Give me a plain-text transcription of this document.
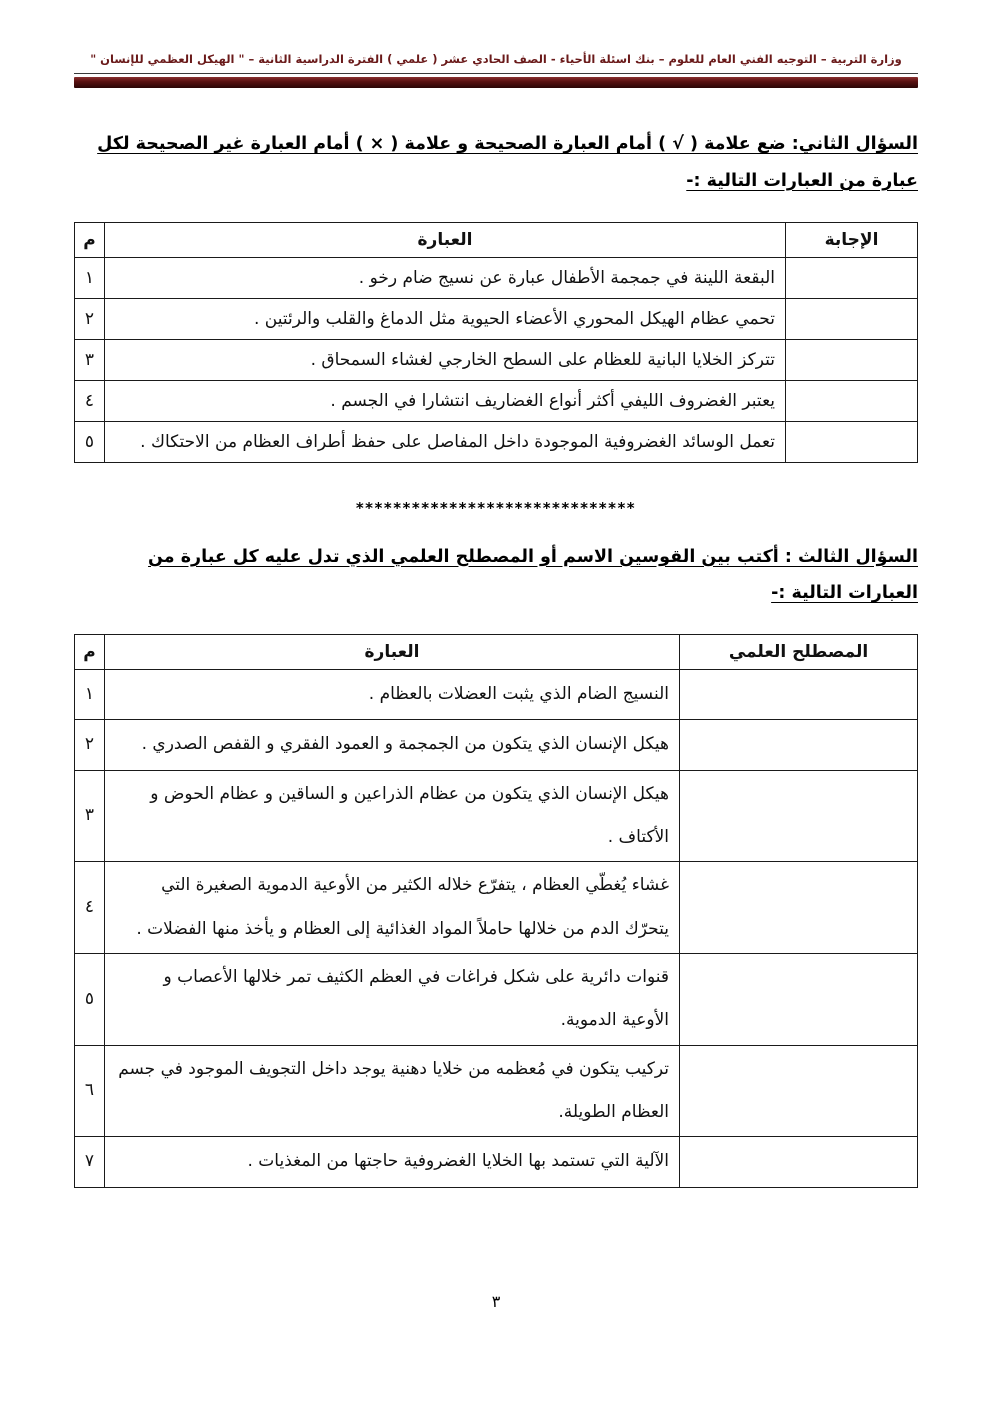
وزارة التربية – التوجيه الفني العام للعلوم – بنك اسئلة الأحياء - الصف الحادي عشر ( علمي ) الفترة الدراسية الثانية – " الهيكل العظمي للإنسان "
السؤال الثاني: ضع علامة ( √ ) أمام العبارة الصحيحة و علامة ( × ) أمام العبارة غير الصحيحة لكل عبارة من العبارات التالية :-
الإجابة	العبارة	م
	البقعة اللينة في جمجمة الأطفال عبارة عن نسيج ضام رخو .	١
	تحمي عظام الهيكل المحوري الأعضاء الحيوية مثل الدماغ والقلب والرئتين .	٢
	تتركز الخلايا البانية للعظام على السطح الخارجي لغشاء السمحاق .	٣
	يعتبر الغضروف الليفي أكثر أنواع الغضاريف انتشارا في الجسم .	٤
	تعمل الوسائد الغضروفية الموجودة داخل المفاصل على حفظ أطراف العظام من الاحتكاك .	٥
******************************
السؤال الثالث : أكتب بين القوسين الاسم أو المصطلح العلمي الذي تدل عليه كل عبارة من العبارات التالية :-
المصطلح العلمي	العبارة	م
	النسيج الضام الذي يثبت العضلات بالعظام .	١
	هيكل الإنسان الذي يتكون من الجمجمة و العمود الفقري و القفص الصدري .	٢
	هيكل الإنسان الذي يتكون من عظام الذراعين و الساقين و عظام الحوض و الأكتاف .	٣
	غشاء يُغطّي العظام ، يتفرّع خلاله الكثير من الأوعية الدموية الصغيرة التي يتحرّك الدم من خلالها حاملاً المواد الغذائية إلى العظام و يأخذ منها الفضلات .	٤
	قنوات دائرية على شكل فراغات في العظم الكثيف تمر خلالها الأعصاب و الأوعية الدموية.	٥
	تركيب يتكون في مُعظمه من خلايا دهنية يوجد داخل التجويف الموجود في جسم العظام الطويلة.	٦
	الآلية التي تستمد بها الخلايا الغضروفية حاجتها من المغذيات .	٧
٣
